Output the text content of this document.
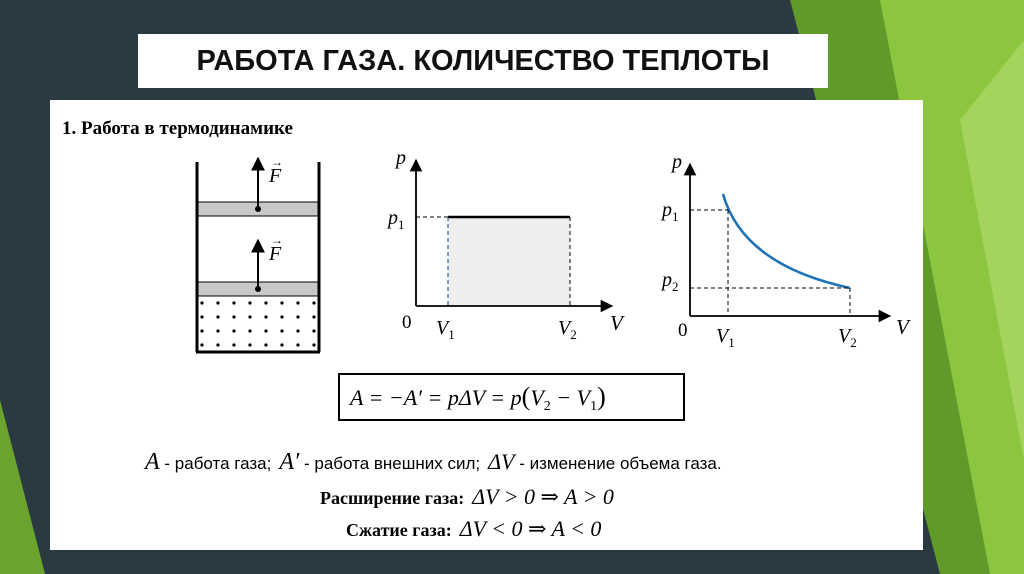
РАБОТА ГАЗА. КОЛИЧЕСТВО ТЕПЛОТЫ
1. Работа в термодинамике
F
→
F
→
p
$p_1$
0 $V_1$	$V_2$ V
p
$p_1$
$p_2$
0 $V_1$	$V_2$
V
$A = -A' = p\Delta V = p(V_2 - V_1)$
A - работа газа; A′ - работа внешних сил; ΔV - изменение объема газа.
Расширение газа: ΔV > 0 ⇒ A > 0
Сжатие газа: ΔV < 0 ⇒ A < 0
